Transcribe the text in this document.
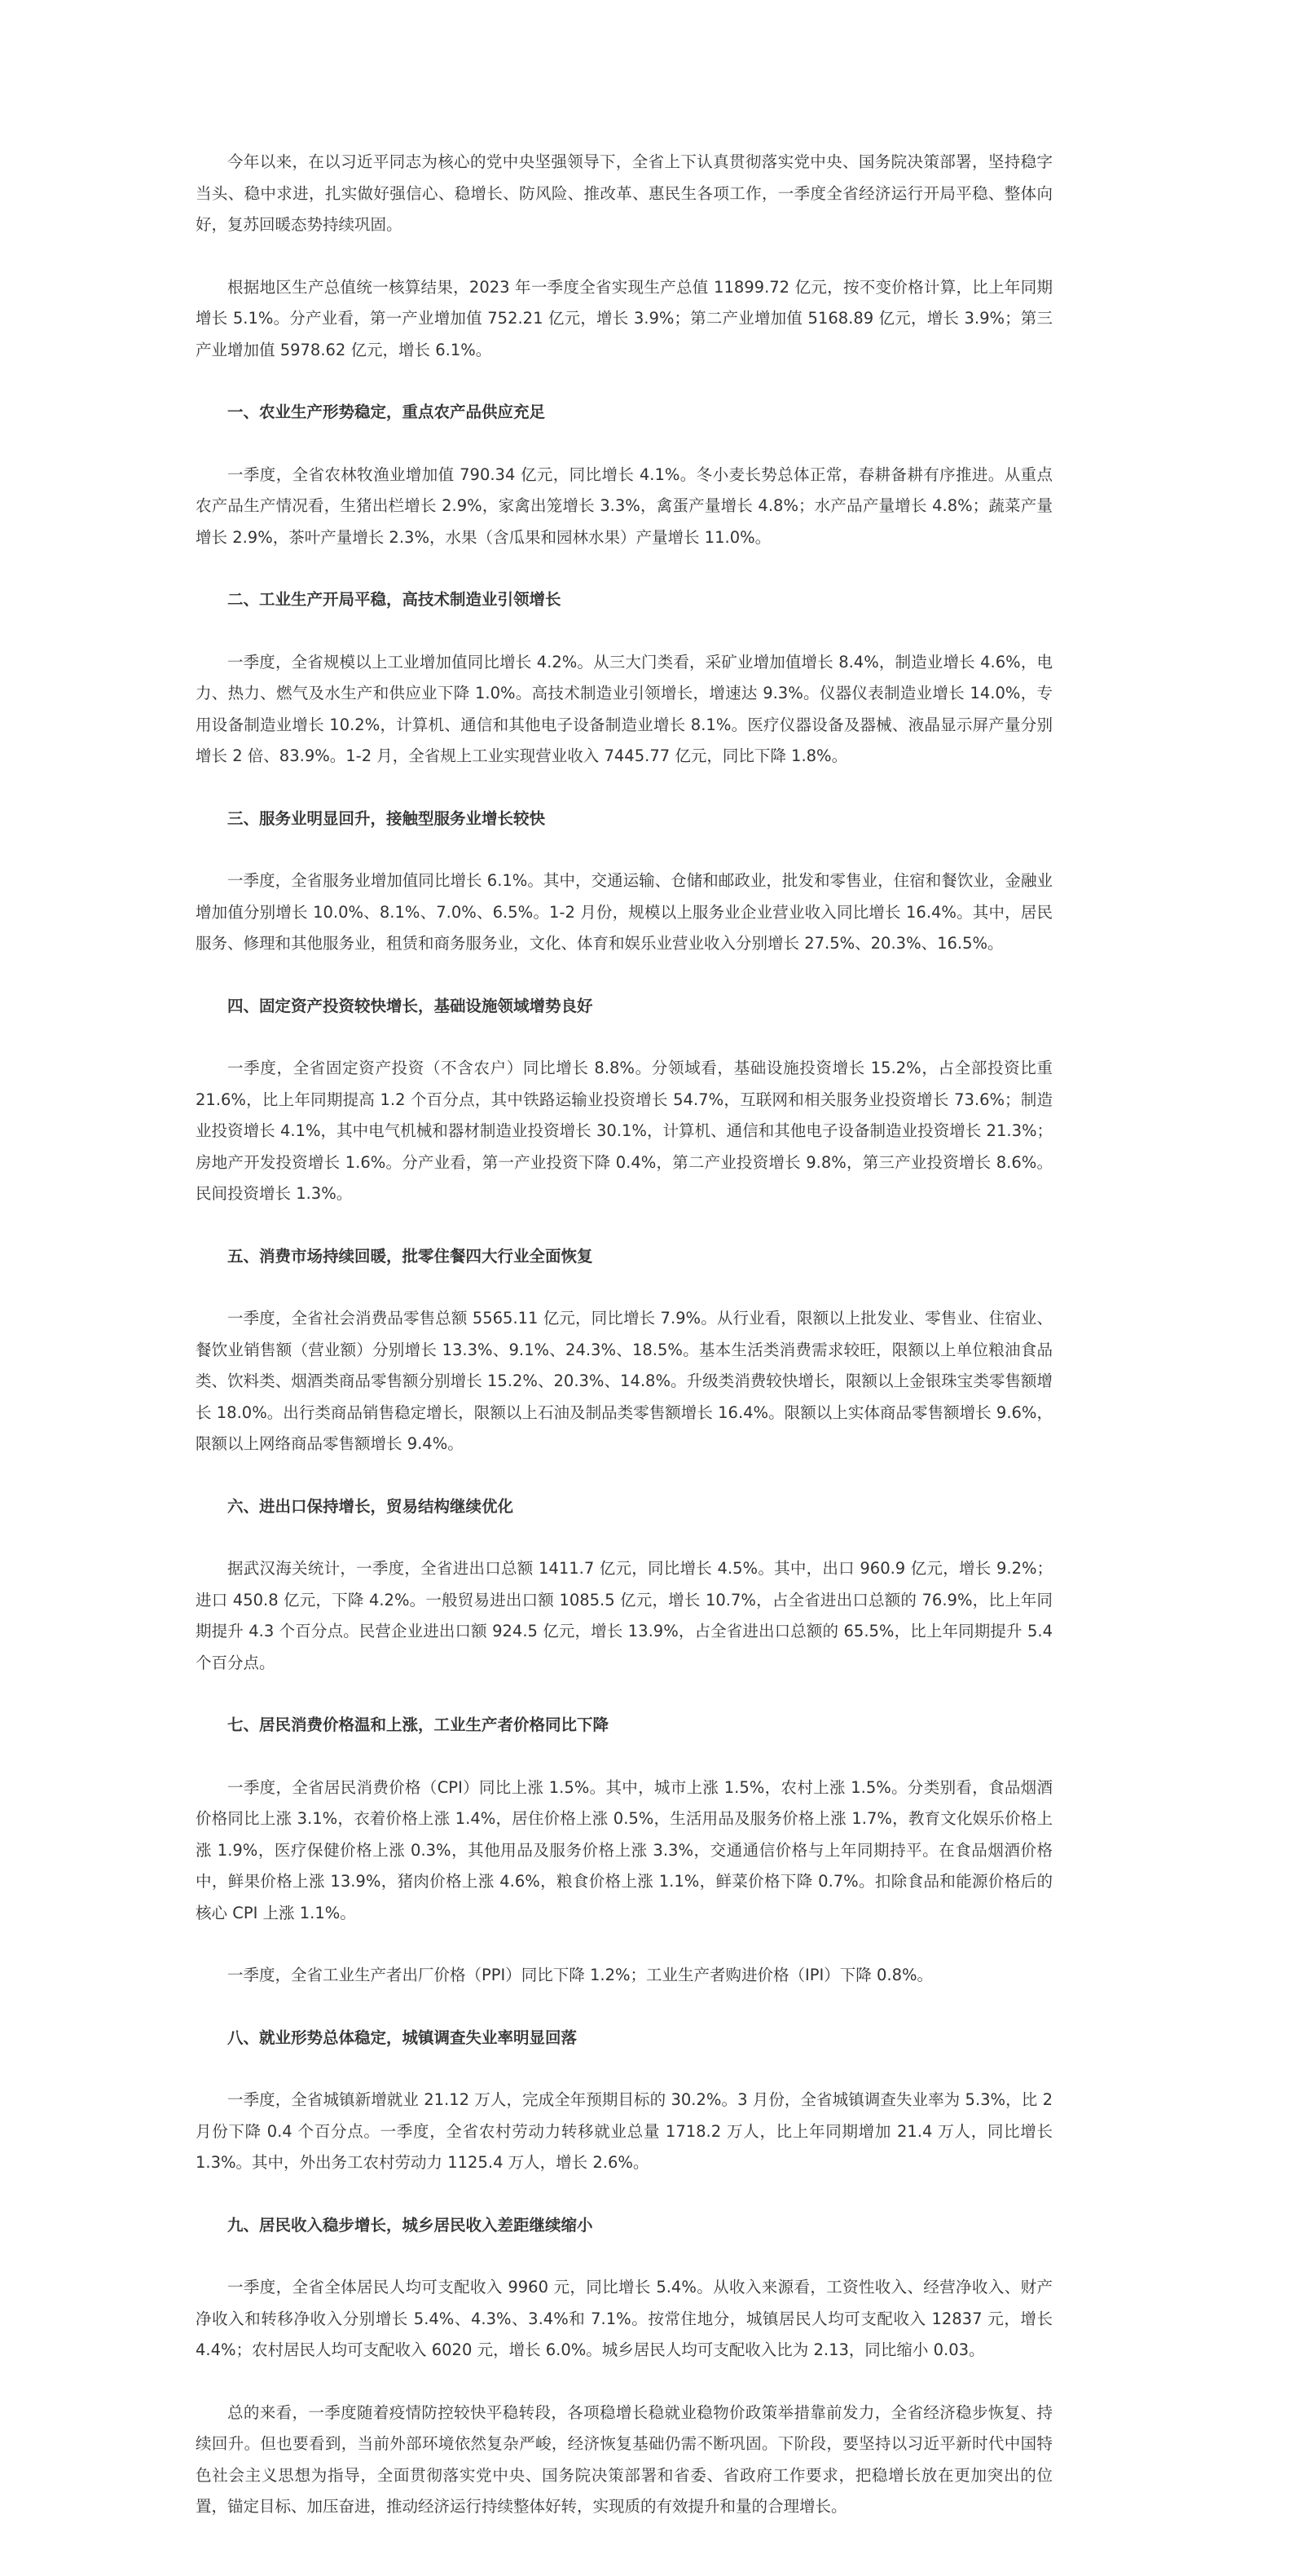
今年以来，在以习近平同志为核心的党中央坚强领导下，全省上下认真贯彻落实党中央、国务院决策部署，坚持稳字当头、稳中求进，扎实做好强信心、稳增长、防风险、推改革、惠民生各项工作，一季度全省经济运行开局平稳、整体向好，复苏回暖态势持续巩固。

根据地区生产总值统一核算结果，2023 年一季度全省实现生产总值 11899.72 亿元，按不变价格计算，比上年同期增长 5.1%。分产业看，第一产业增加值 752.21 亿元，增长 3.9%；第二产业增加值 5168.89 亿元，增长 3.9%；第三产业增加值 5978.62 亿元，增长 6.1%。

一、农业生产形势稳定，重点农产品供应充足

一季度，全省农林牧渔业增加值 790.34 亿元，同比增长 4.1%。冬小麦长势总体正常，春耕备耕有序推进。从重点农产品生产情况看，生猪出栏增长 2.9%，家禽出笼增长 3.3%，禽蛋产量增长 4.8%；水产品产量增长 4.8%；蔬菜产量增长 2.9%，茶叶产量增长 2.3%，水果（含瓜果和园林水果）产量增长 11.0%。

二、工业生产开局平稳，高技术制造业引领增长

一季度，全省规模以上工业增加值同比增长 4.2%。从三大门类看，采矿业增加值增长 8.4%，制造业增长 4.6%，电力、热力、燃气及水生产和供应业下降 1.0%。高技术制造业引领增长，增速达 9.3%。仪器仪表制造业增长 14.0%，专用设备制造业增长 10.2%，计算机、通信和其他电子设备制造业增长 8.1%。医疗仪器设备及器械、液晶显示屏产量分别增长 2 倍、83.9%。1-2 月，全省规上工业实现营业收入 7445.77 亿元，同比下降 1.8%。

三、服务业明显回升，接触型服务业增长较快

一季度，全省服务业增加值同比增长 6.1%。其中，交通运输、仓储和邮政业，批发和零售业，住宿和餐饮业，金融业增加值分别增长 10.0%、8.1%、7.0%、6.5%。1-2 月份，规模以上服务业企业营业收入同比增长 16.4%。其中，居民服务、修理和其他服务业，租赁和商务服务业，文化、体育和娱乐业营业收入分别增长 27.5%、20.3%、16.5%。

四、固定资产投资较快增长，基础设施领域增势良好

一季度，全省固定资产投资（不含农户）同比增长 8.8%。分领域看，基础设施投资增长 15.2%，占全部投资比重 21.6%，比上年同期提高 1.2 个百分点，其中铁路运输业投资增长 54.7%，互联网和相关服务业投资增长 73.6%；制造业投资增长 4.1%，其中电气机械和器材制造业投资增长 30.1%，计算机、通信和其他电子设备制造业投资增长 21.3%；房地产开发投资增长 1.6%。分产业看，第一产业投资下降 0.4%，第二产业投资增长 9.8%，第三产业投资增长 8.6%。民间投资增长 1.3%。

五、消费市场持续回暖，批零住餐四大行业全面恢复

一季度，全省社会消费品零售总额 5565.11 亿元，同比增长 7.9%。从行业看，限额以上批发业、零售业、住宿业、餐饮业销售额（营业额）分别增长 13.3%、9.1%、24.3%、18.5%。基本生活类消费需求较旺，限额以上单位粮油食品类、饮料类、烟酒类商品零售额分别增长 15.2%、20.3%、14.8%。升级类消费较快增长，限额以上金银珠宝类零售额增长 18.0%。出行类商品销售稳定增长，限额以上石油及制品类零售额增长 16.4%。限额以上实体商品零售额增长 9.6%，限额以上网络商品零售额增长 9.4%。

六、进出口保持增长，贸易结构继续优化

据武汉海关统计，一季度，全省进出口总额 1411.7 亿元，同比增长 4.5%。其中，出口 960.9 亿元，增长 9.2%；进口 450.8 亿元，下降 4.2%。一般贸易进出口额 1085.5 亿元，增长 10.7%，占全省进出口总额的 76.9%，比上年同期提升 4.3 个百分点。民营企业进出口额 924.5 亿元，增长 13.9%，占全省进出口总额的 65.5%，比上年同期提升 5.4 个百分点。

七、居民消费价格温和上涨，工业生产者价格同比下降

一季度，全省居民消费价格（CPI）同比上涨 1.5%。其中，城市上涨 1.5%，农村上涨 1.5%。分类别看，食品烟酒价格同比上涨 3.1%，衣着价格上涨 1.4%，居住价格上涨 0.5%，生活用品及服务价格上涨 1.7%，教育文化娱乐价格上涨 1.9%，医疗保健价格上涨 0.3%，其他用品及服务价格上涨 3.3%，交通通信价格与上年同期持平。在食品烟酒价格中，鲜果价格上涨 13.9%，猪肉价格上涨 4.6%，粮食价格上涨 1.1%，鲜菜价格下降 0.7%。扣除食品和能源价格后的核心 CPI 上涨 1.1%。

一季度，全省工业生产者出厂价格（PPI）同比下降 1.2%；工业生产者购进价格（IPI）下降 0.8%。

八、就业形势总体稳定，城镇调查失业率明显回落

一季度，全省城镇新增就业 21.12 万人，完成全年预期目标的 30.2%。3 月份，全省城镇调查失业率为 5.3%，比 2 月份下降 0.4 个百分点。一季度，全省农村劳动力转移就业总量 1718.2 万人，比上年同期增加 21.4 万人，同比增长 1.3%。其中，外出务工农村劳动力 1125.4 万人，增长 2.6%。

九、居民收入稳步增长，城乡居民收入差距继续缩小

一季度，全省全体居民人均可支配收入 9960 元，同比增长 5.4%。从收入来源看，工资性收入、经营净收入、财产净收入和转移净收入分别增长 5.4%、4.3%、3.4%和 7.1%。按常住地分，城镇居民人均可支配收入 12837 元，增长 4.4%；农村居民人均可支配收入 6020 元，增长 6.0%。城乡居民人均可支配收入比为 2.13，同比缩小 0.03。

总的来看，一季度随着疫情防控较快平稳转段，各项稳增长稳就业稳物价政策举措靠前发力，全省经济稳步恢复、持续回升。但也要看到，当前外部环境依然复杂严峻，经济恢复基础仍需不断巩固。下阶段，要坚持以习近平新时代中国特色社会主义思想为指导，全面贯彻落实党中央、国务院决策部署和省委、省政府工作要求，把稳增长放在更加突出的位置，锚定目标、加压奋进，推动经济运行持续整体好转，实现质的有效提升和量的合理增长。
